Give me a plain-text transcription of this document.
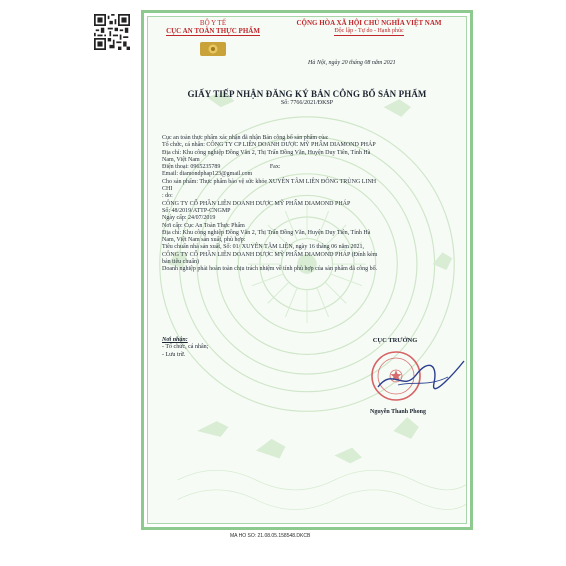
BỘ Y TẾ
CỤC AN TOÀN THỰC PHẨM
CỘNG HÒA XÃ HỘI CHỦ NGHĨA VIỆT NAM
Độc lập - Tự do - Hạnh phúc
Hà Nội, ngày 20 tháng 08 năm 2021
GIẤY TIẾP NHẬN ĐĂNG KÝ BẢN CÔNG BỐ SẢN PHẨM
Số: 7766/2021/ĐKSP
Cục an toàn thực phẩm xác nhận đã nhận Bản công bố sản phẩm của:
Tổ chức, cá nhân: CÔNG TY CP LIÊN DOANH DƯỢC MỸ PHẨM DIAMOND PHÁP
Địa chỉ: Khu công nghiệp Đồng Văn 2, Thị Trấn Đồng Văn, Huyện Duy Tiên, Tỉnh Hà
Nam, Việt Nam
Điện thoại: 0965235789                                 Fax:
Email: diamondphap123@gmail.com
Cho sản phẩm: Thực phẩm bảo vệ sức khỏe XUYÊN TÂM LIÊN ĐÔNG TRÙNG LINH
CHI
: do:
CÔNG TY CỔ PHẦN LIÊN DOANH DƯỢC MỸ PHẨM DIAMOND PHÁP
Số: 48/2019/ATTP-CNGMP
Ngày cấp: 24/07/2019
Nơi cấp: Cục An Toàn Thực Phẩm
Địa chỉ: Khu công nghiệp Đồng Văn 2, Thị Trấn Đồng Văn, Huyện Duy Tiên, Tỉnh Hà
Nam, Việt Nam sản xuất, phù hợp:
Tiêu chuẩn nhà sản xuất, Số: 01/ XUYÊN TÂM LIÊN, ngày 16 tháng 06 năm 2021,
CÔNG TY CỔ PHẦN LIÊN DOANH DƯỢC MỸ PHẨM DIAMOND PHÁP (Đính kèm
bản tiêu chuẩn)
Doanh nghiệp phải hoàn toàn chịu trách nhiệm về tính phù hợp của sản phẩm đã công bố.
Nơi nhận:
- Tổ chức, cá nhân;
- Lưu trữ.
CỤC TRƯỞNG
Nguyễn Thanh Phong
MA HO SO: 21.08.05.158548.DKCB
